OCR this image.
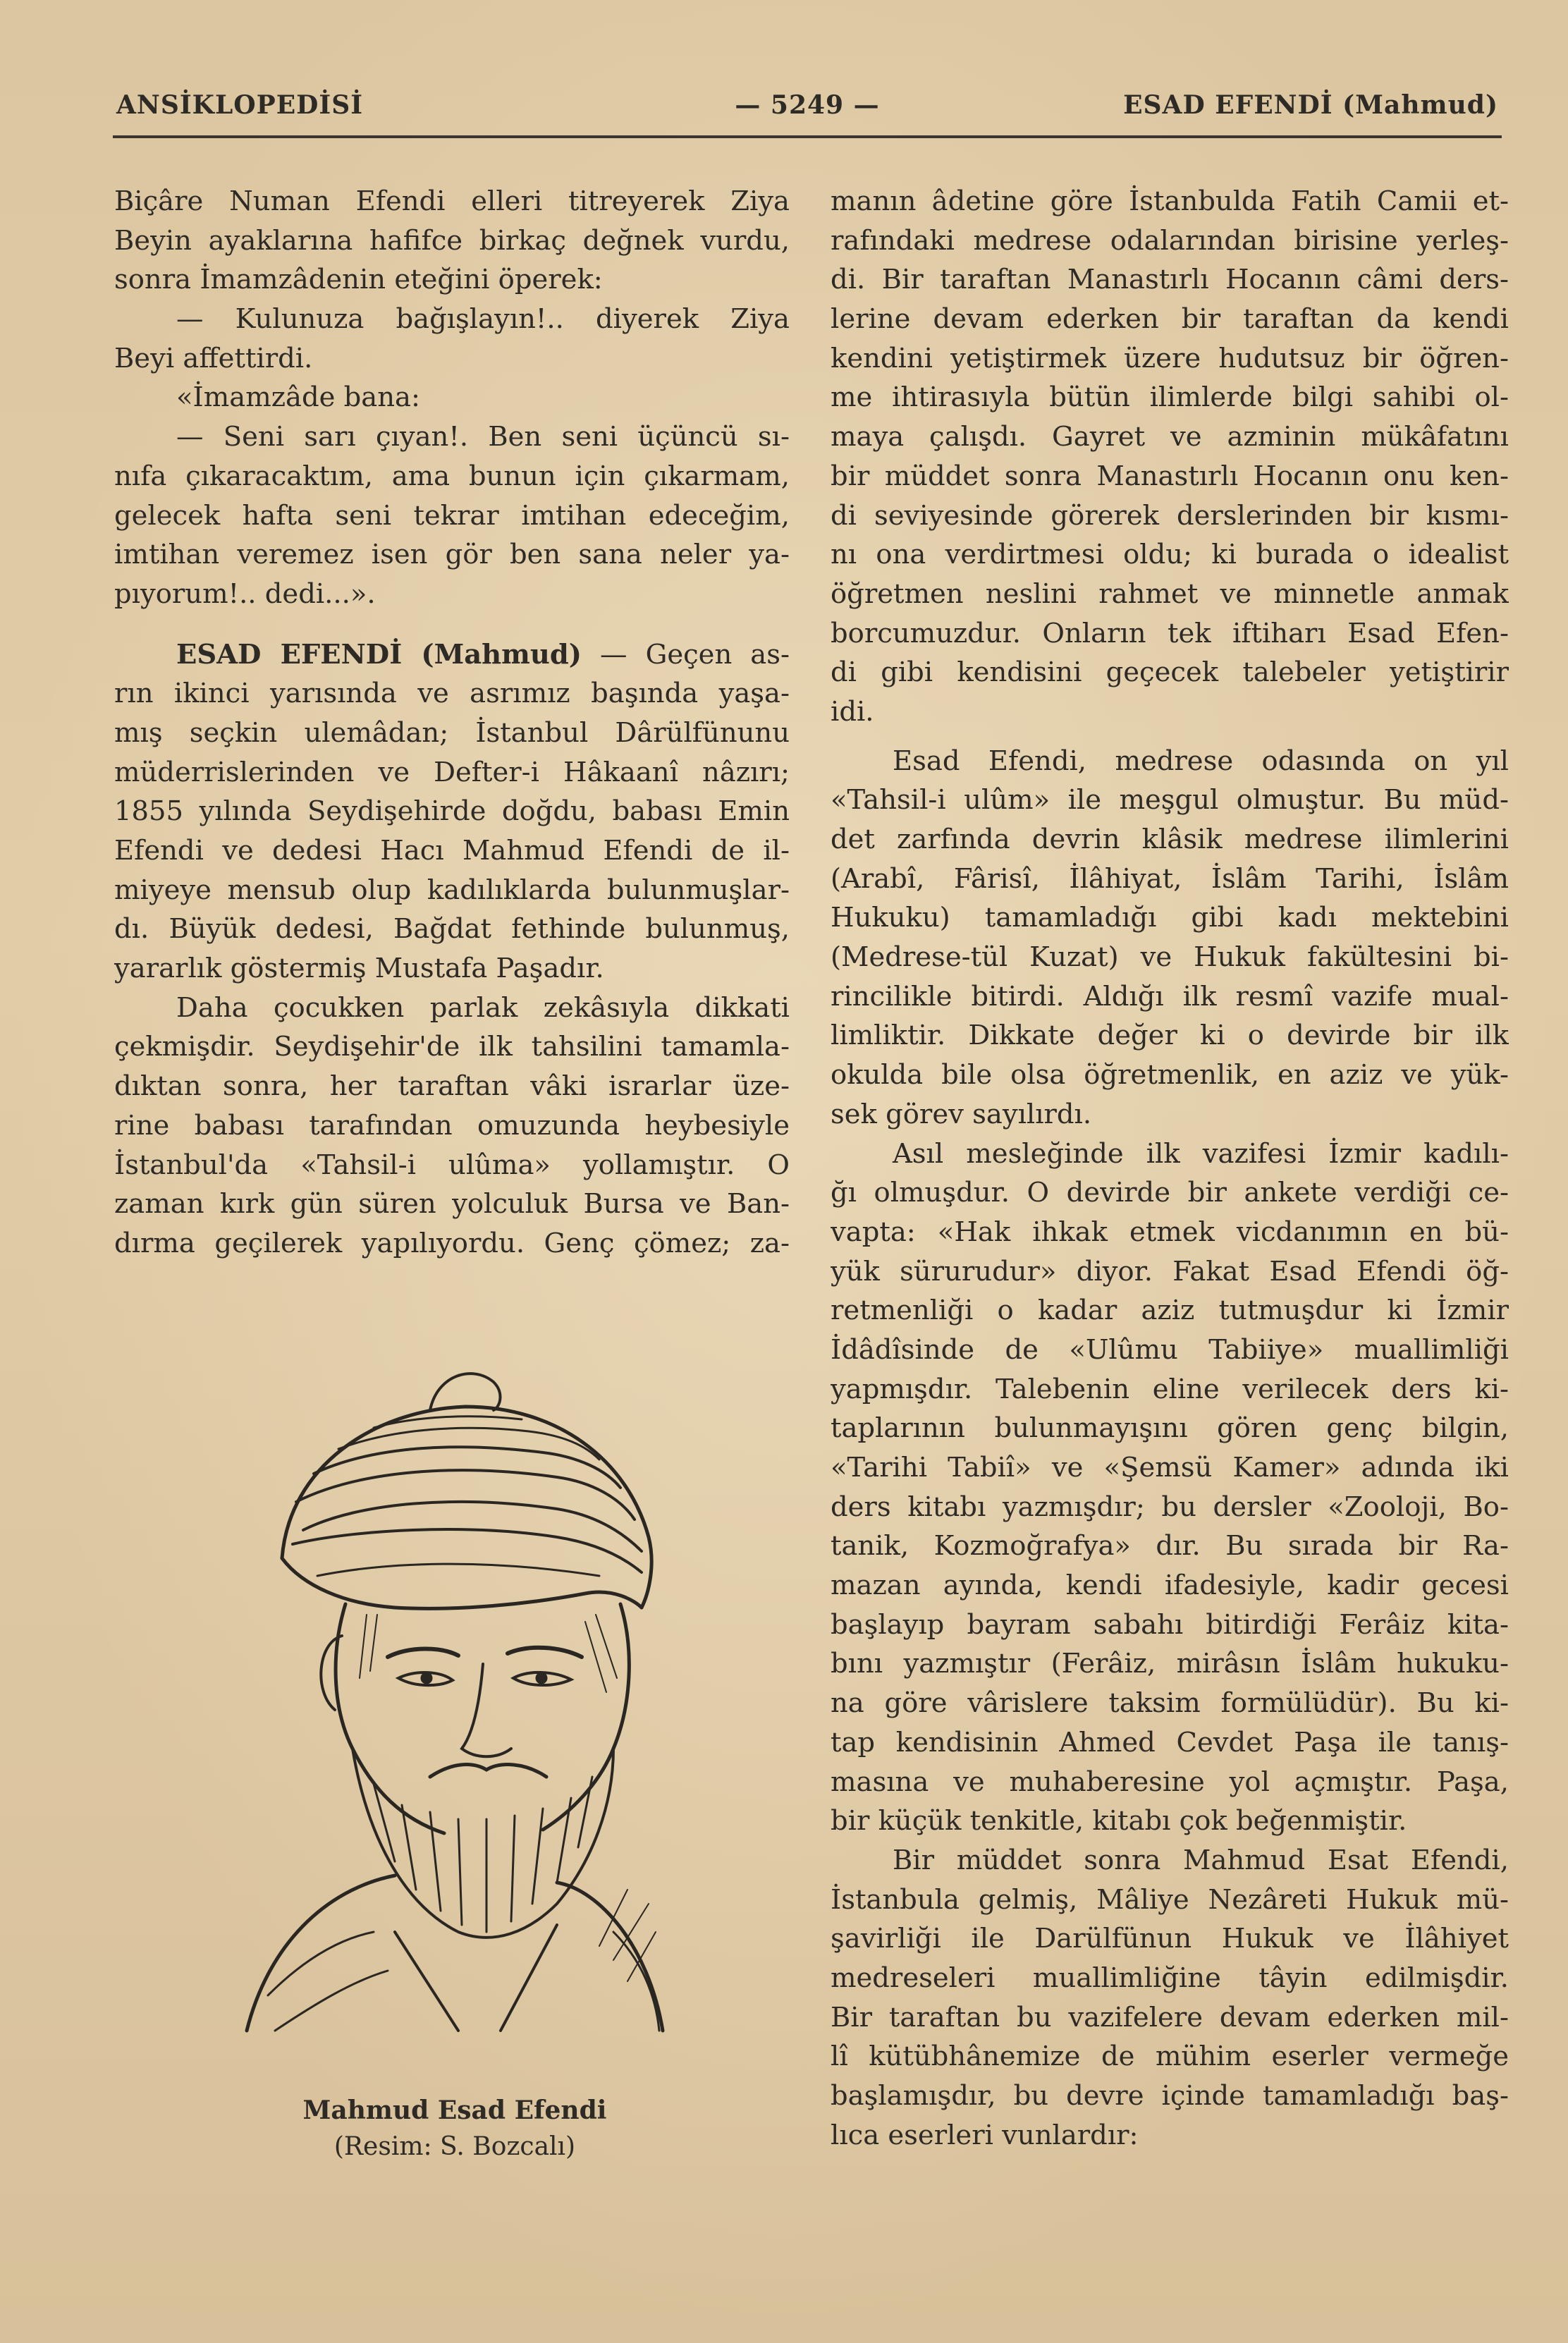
ANSİKLOPEDİSİ	— 5249 —	ESAD EFENDİ (Mahmud)
Biçâre Numan Efendi elleri titreyerek Ziya
Beyin ayaklarına hafifce birkaç değnek vurdu,
sonra İmamzâdenin eteğini öperek:
— Kulunuza bağışlayın!.. diyerek Ziya
Beyi affettirdi.
«İmamzâde bana:
— Seni sarı çıyan!. Ben seni üçüncü sı-
nıfa çıkaracaktım, ama bunun için çıkarmam,
gelecek hafta seni tekrar imtihan edeceğim,
imtihan veremez isen gör ben sana neler ya-
pıyorum!.. dedi...».
ESAD EFENDİ (Mahmud) — Geçen as-
rın ikinci yarısında ve asrımız başında yaşa-
mış seçkin ulemâdan; İstanbul Dârülfünunu
müderrislerinden ve Defter-i Hâkaanî nâzırı;
1855 yılında Seydişehirde doğdu, babası Emin
Efendi ve dedesi Hacı Mahmud Efendi de il-
miyeye mensub olup kadılıklarda bulunmuşlar-
dı. Büyük dedesi, Bağdat fethinde bulunmuş,
yararlık göstermiş Mustafa Paşadır.
Daha çocukken parlak zekâsıyla dikkati
çekmişdir. Seydişehir'de ilk tahsilini tamamla-
dıktan sonra, her taraftan vâki israrlar üze-
rine babası tarafından omuzunda heybesiyle
İstanbul'da «Tahsil-i ulûma» yollamıştır. O
zaman kırk gün süren yolculuk Bursa ve Ban-
dırma geçilerek yapılıyordu. Genç çömez; za-
Mahmud Esad Efendi
(Resim: S. Bozcalı)
manın âdetine göre İstanbulda Fatih Camii et-
rafındaki medrese odalarından birisine yerleş-
di. Bir taraftan Manastırlı Hocanın câmi ders-
lerine devam ederken bir taraftan da kendi
kendini yetiştirmek üzere hudutsuz bir öğren-
me ihtirasıyla bütün ilimlerde bilgi sahibi ol-
maya çalışdı. Gayret ve azminin mükâfatını
bir müddet sonra Manastırlı Hocanın onu ken-
di seviyesinde görerek derslerinden bir kısmı-
nı ona verdirtmesi oldu; ki burada o idealist
öğretmen neslini rahmet ve minnetle anmak
borcumuzdur. Onların tek iftiharı Esad Efen-
di gibi kendisini geçecek talebeler yetiştirir
idi.
Esad Efendi, medrese odasında on yıl
«Tahsil-i ulûm» ile meşgul olmuştur. Bu müd-
det zarfında devrin klâsik medrese ilimlerini
(Arabî, Fârisî, İlâhiyat, İslâm Tarihi, İslâm
Hukuku) tamamladığı gibi kadı mektebini
(Medrese-tül Kuzat) ve Hukuk fakültesini bi-
rincilikle bitirdi. Aldığı ilk resmî vazife mual-
limliktir. Dikkate değer ki o devirde bir ilk
okulda bile olsa öğretmenlik, en aziz ve yük-
sek görev sayılırdı.
Asıl mesleğinde ilk vazifesi İzmir kadılı-
ğı olmuşdur. O devirde bir ankete verdiği ce-
vapta: «Hak ihkak etmek vicdanımın en bü-
yük sürurudur» diyor. Fakat Esad Efendi öğ-
retmenliği o kadar aziz tutmuşdur ki İzmir
İdâdîsinde de «Ulûmu Tabiiye» muallimliği
yapmışdır. Talebenin eline verilecek ders ki-
taplarının bulunmayışını gören genç bilgin,
«Tarihi Tabiî» ve «Şemsü Kamer» adında iki
ders kitabı yazmışdır; bu dersler «Zooloji, Bo-
tanik, Kozmoğrafya» dır. Bu sırada bir Ra-
mazan ayında, kendi ifadesiyle, kadir gecesi
başlayıp bayram sabahı bitirdiği Ferâiz kita-
bını yazmıştır (Ferâiz, mirâsın İslâm hukuku-
na göre vârislere taksim formülüdür). Bu ki-
tap kendisinin Ahmed Cevdet Paşa ile tanış-
masına ve muhaberesine yol açmıştır. Paşa,
bir küçük tenkitle, kitabı çok beğenmiştir.
Bir müddet sonra Mahmud Esat Efendi,
İstanbula gelmiş, Mâliye Nezâreti Hukuk mü-
şavirliği ile Darülfünun Hukuk ve İlâhiyet
medreseleri muallimliğine tâyin edilmişdir.
Bir taraftan bu vazifelere devam ederken mil-
lî kütübhânemize de mühim eserler vermeğe
başlamışdır, bu devre içinde tamamladığı baş-
lıca eserleri vunlardır:
